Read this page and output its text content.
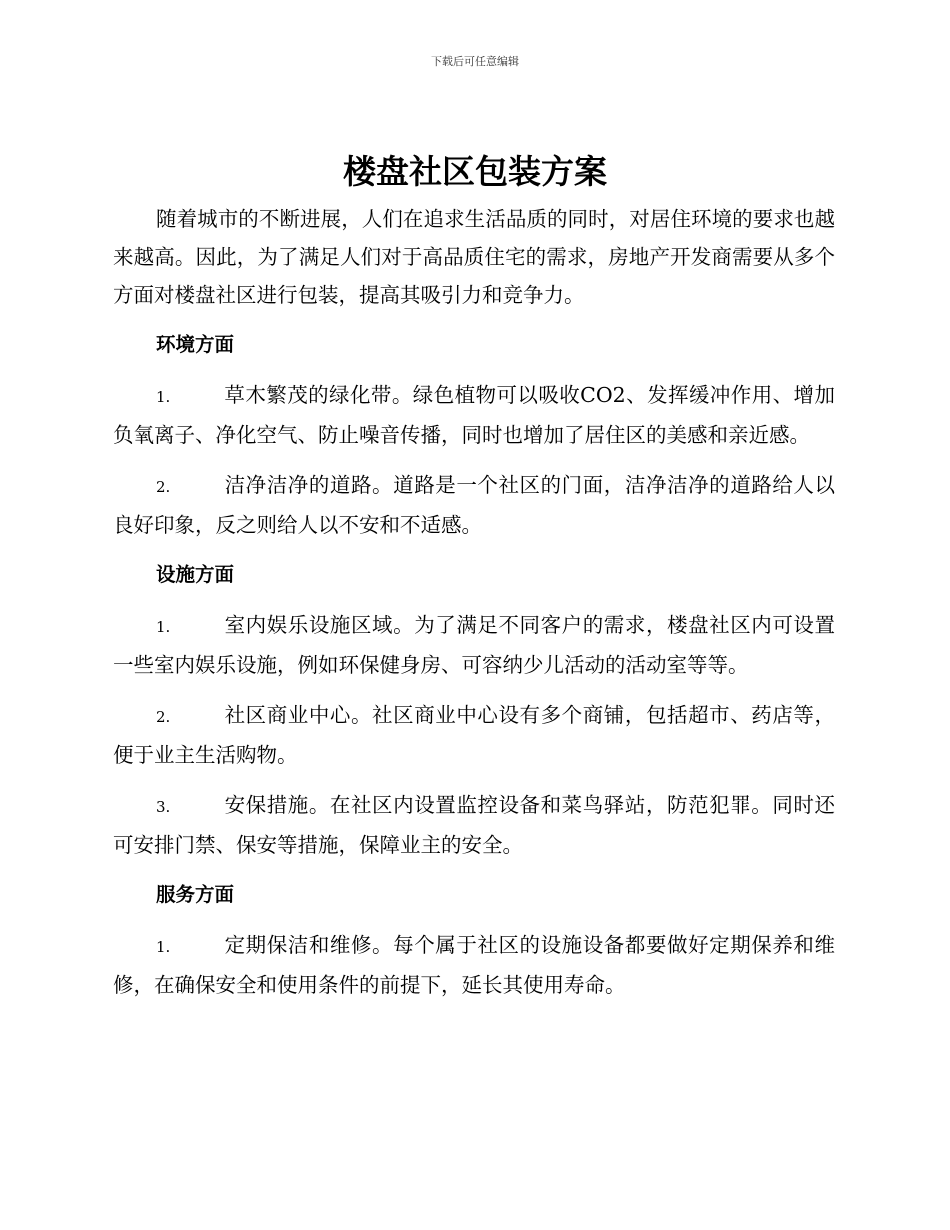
下载后可任意编辑
楼盘社区包装方案

随着城市的不断进展，人们在追求生活品质的同时，对居住环境的要求也越来越高。因此，为了满足人们对于高品质住宅的需求，房地产开发商需要从多个方面对楼盘社区进行包装，提高其吸引力和竞争力。

环境方面

1.	草木繁茂的绿化带。绿色植物可以吸收CO2、发挥缓冲作用、增加负氧离子、净化空气、防止噪音传播，同时也增加了居住区的美感和亲近感。

2.	洁净洁净的道路。道路是一个社区的门面，洁净洁净的道路给人以良好印象，反之则给人以不安和不适感。

设施方面

1.	室内娱乐设施区域。为了满足不同客户的需求，楼盘社区内可设置一些室内娱乐设施，例如环保健身房、可容纳少儿活动的活动室等等。

2.	社区商业中心。社区商业中心设有多个商铺，包括超市、药店等，便于业主生活购物。

3.	安保措施。在社区内设置监控设备和菜鸟驿站，防范犯罪。同时还可安排门禁、保安等措施，保障业主的安全。

服务方面

1.	定期保洁和维修。每个属于社区的设施设备都要做好定期保养和维修，在确保安全和使用条件的前提下，延长其使用寿命。
